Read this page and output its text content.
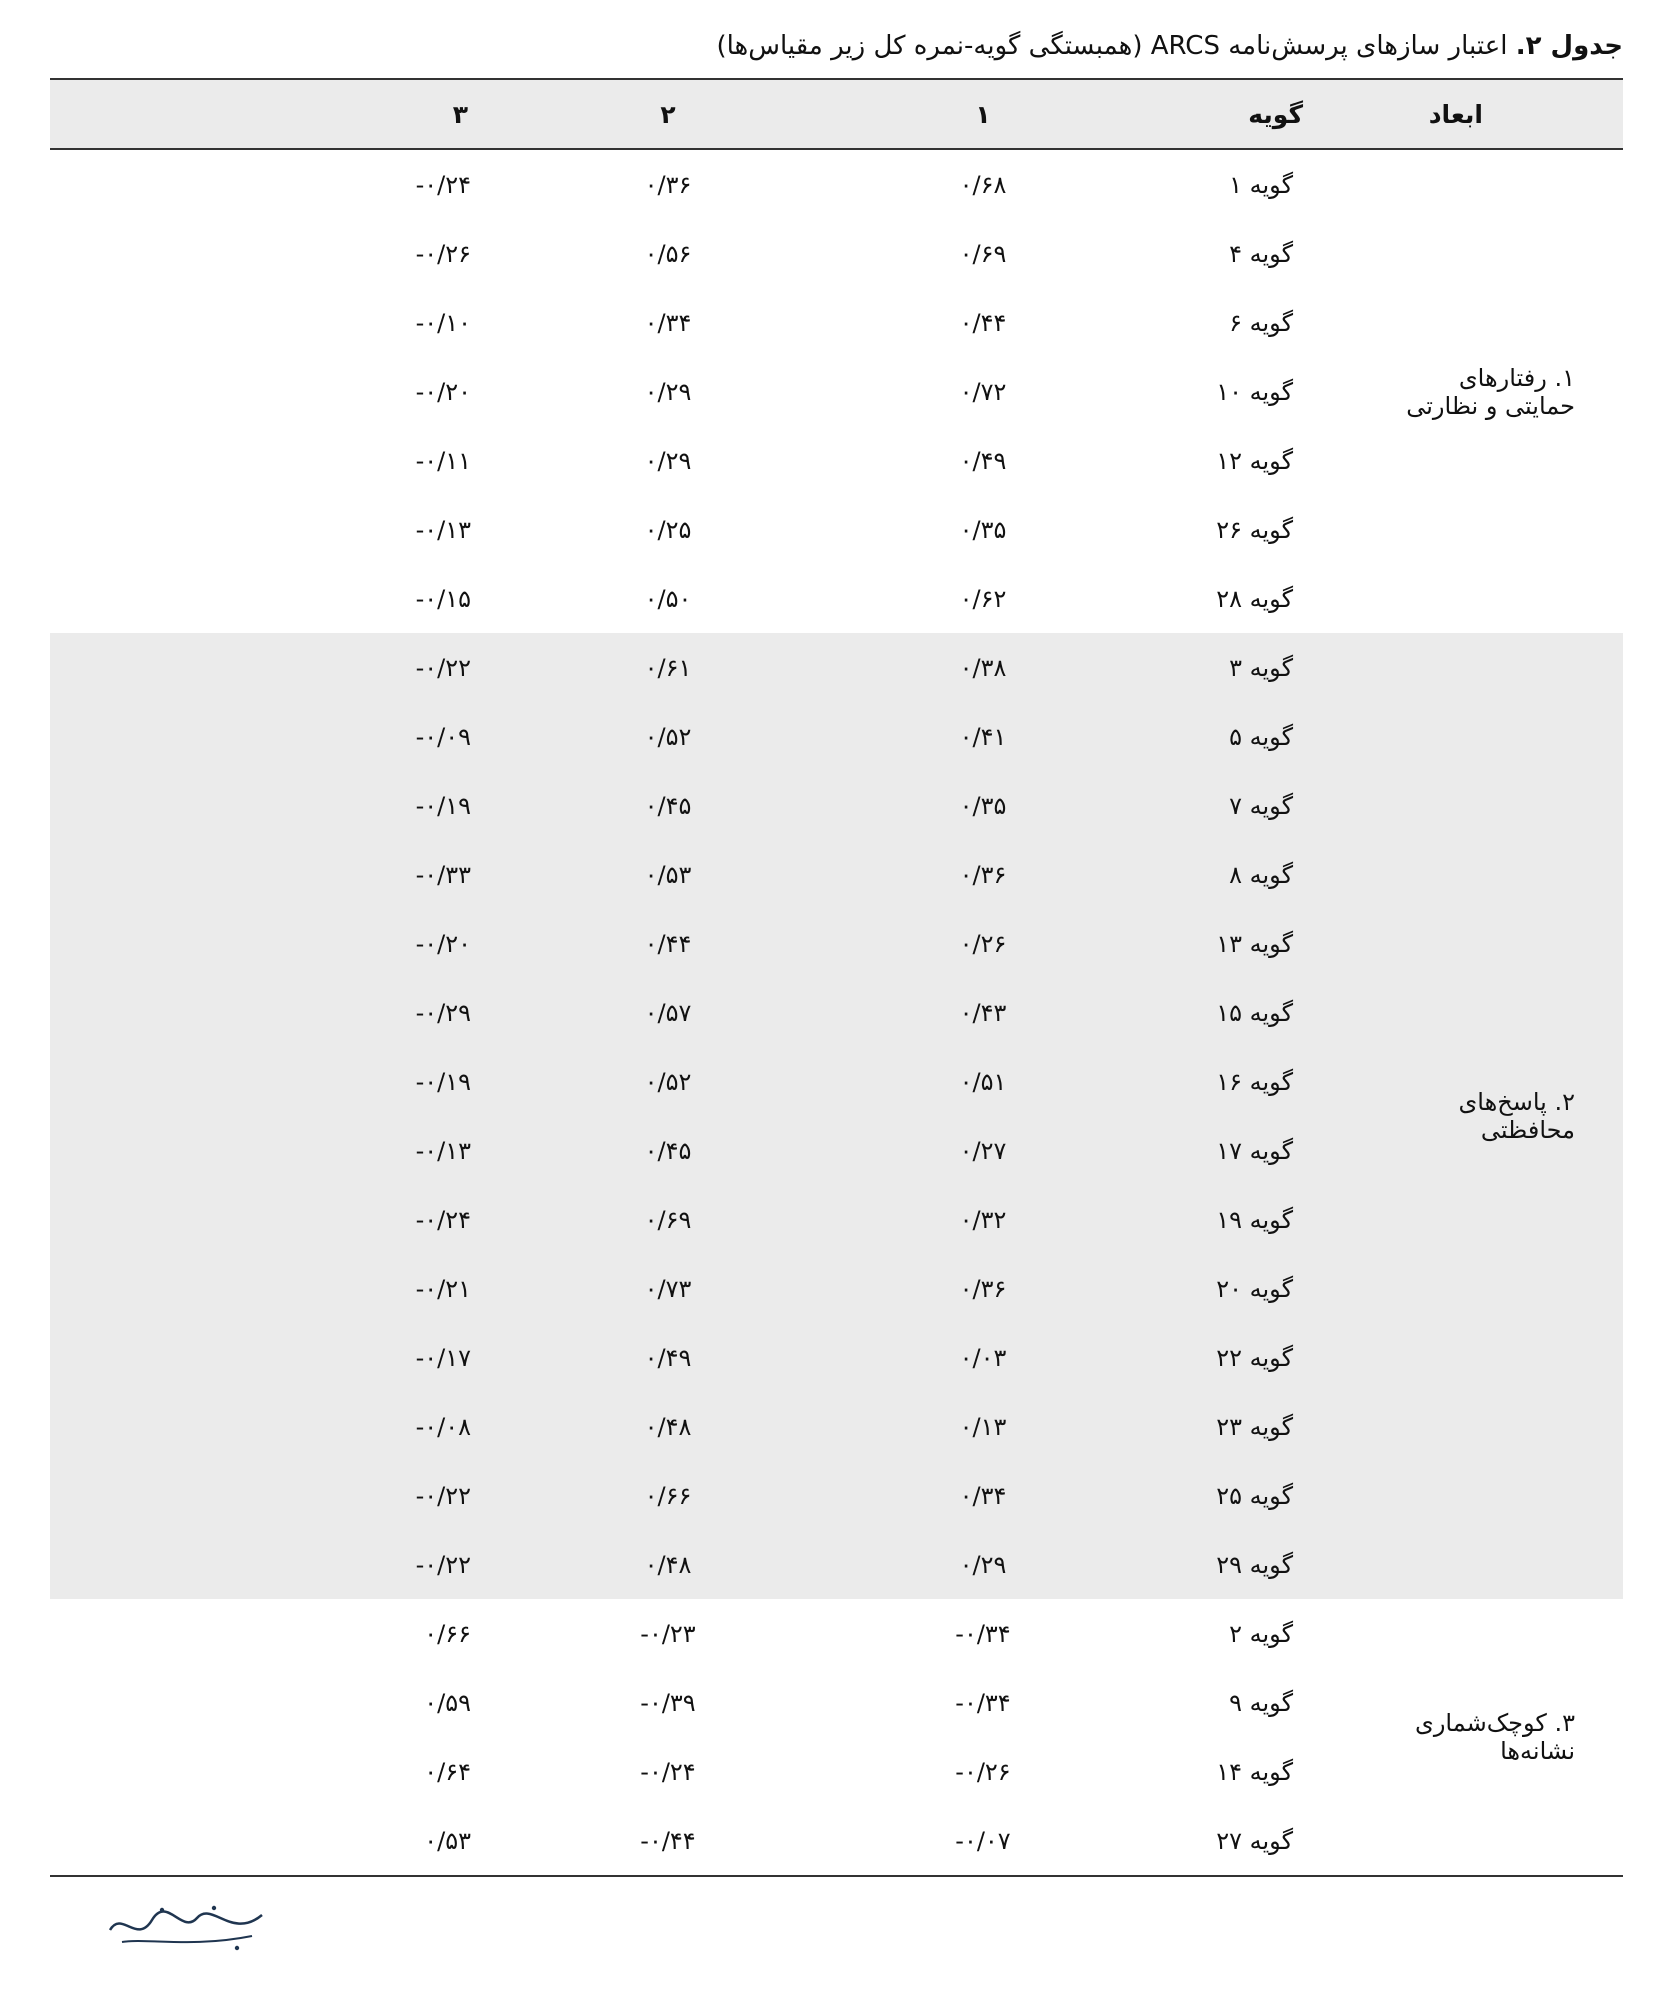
جدول ۲. اعتبار سازهای پرسش‌نامه ARCS (همبستگی گویه-نمره کل زیر مقیاس‌ها)
ابعاد	گویه	۱	۲	۳
۱. رفتارهای حمایتی و نظارتی	گویه ۱	۰/۶۸	۰/۳۶	-۰/۲۴
	گویه ۴	۰/۶۹	۰/۵۶	-۰/۲۶
	گویه ۶	۰/۴۴	۰/۳۴	-۰/۱۰
	گویه ۱۰	۰/۷۲	۰/۲۹	-۰/۲۰
	گویه ۱۲	۰/۴۹	۰/۲۹	-۰/۱۱
	گویه ۲۶	۰/۳۵	۰/۲۵	-۰/۱۳
	گویه ۲۸	۰/۶۲	۰/۵۰	-۰/۱۵
۲. پاسخ‌های محافظتی	گویه ۳	۰/۳۸	۰/۶۱	-۰/۲۲
	گویه ۵	۰/۴۱	۰/۵۲	-۰/۰۹
	گویه ۷	۰/۳۵	۰/۴۵	-۰/۱۹
	گویه ۸	۰/۳۶	۰/۵۳	-۰/۳۳
	گویه ۱۳	۰/۲۶	۰/۴۴	-۰/۲۰
	گویه ۱۵	۰/۴۳	۰/۵۷	-۰/۲۹
	گویه ۱۶	۰/۵۱	۰/۵۲	-۰/۱۹
	گویه ۱۷	۰/۲۷	۰/۴۵	-۰/۱۳
	گویه ۱۹	۰/۳۲	۰/۶۹	-۰/۲۴
	گویه ۲۰	۰/۳۶	۰/۷۳	-۰/۲۱
	گویه ۲۲	۰/۰۳	۰/۴۹	-۰/۱۷
	گویه ۲۳	۰/۱۳	۰/۴۸	-۰/۰۸
	گویه ۲۵	۰/۳۴	۰/۶۶	-۰/۲۲
	گویه ۲۹	۰/۲۹	۰/۴۸	-۰/۲۲
۳. کوچک‌شماری نشانه‌ها	گویه ۲	-۰/۳۴	-۰/۲۳	۰/۶۶
	گویه ۹	-۰/۳۴	-۰/۳۹	۰/۵۹
	گویه ۱۴	-۰/۲۶	-۰/۲۴	۰/۶۴
	گویه ۲۷	-۰/۰۷	-۰/۴۴	۰/۵۳
